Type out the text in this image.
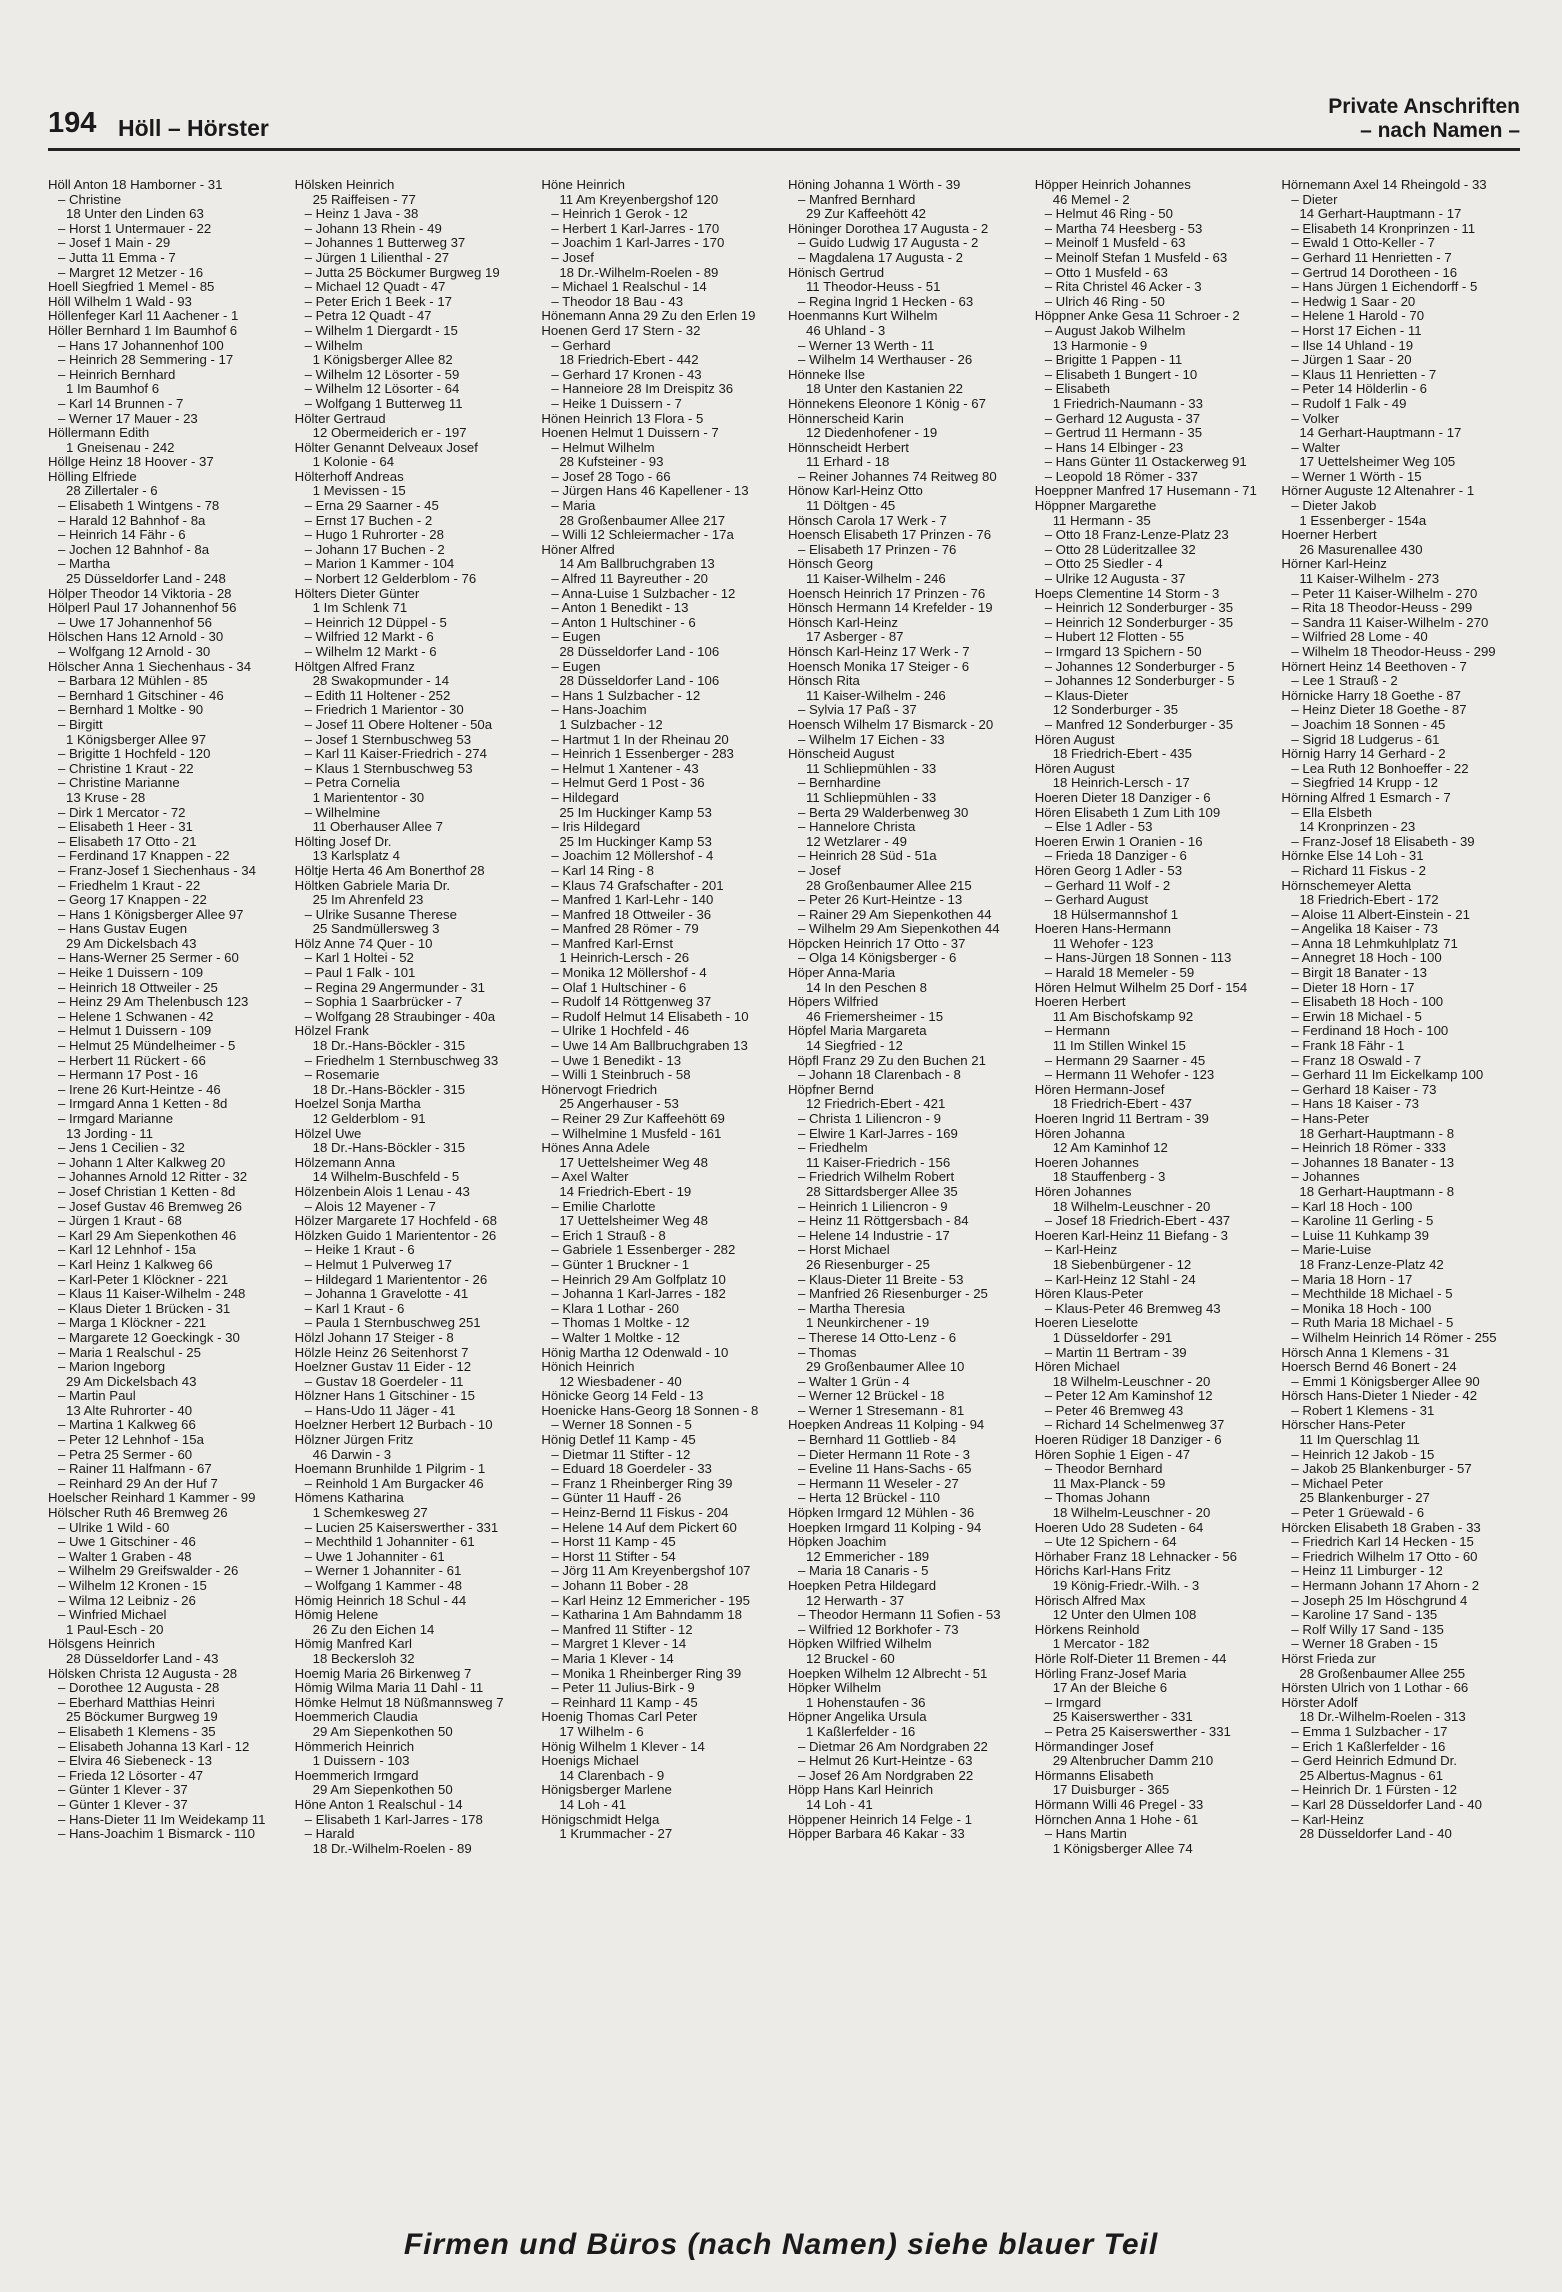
194 Höll – Hörster
Private Anschriften
– nach Namen –
Höll Anton 18 Hamborner - 31
– Christine
18 Unter den Linden 63
– Horst 1 Untermauer - 22
– Josef 1 Main - 29
– Jutta 11 Emma - 7
– Margret 12 Metzer - 16
Hoell Siegfried 1 Memel - 85
Höll Wilhelm 1 Wald - 93
Höllenfeger Karl 11 Aachener - 1
Höller Bernhard 1 Im Baumhof 6
– Hans 17 Johannenhof 100
– Heinrich 28 Semmering - 17
– Heinrich Bernhard
1 Im Baumhof 6
– Karl 14 Brunnen - 7
– Werner 17 Mauer - 23
Höllermann Edith
1 Gneisenau - 242
Höllge Heinz 18 Hoover - 37
Hölling Elfriede
28 Zillertaler - 6
– Elisabeth 1 Wintgens - 78
– Harald 12 Bahnhof - 8a
– Heinrich 14 Fähr - 6
– Jochen 12 Bahnhof - 8a
– Martha
25 Düsseldorfer Land - 248
Hölper Theodor 14 Viktoria - 28
Hölperl Paul 17 Johannenhof 56
– Uwe 17 Johannenhof 56
Hölschen Hans 12 Arnold - 30
– Wolfgang 12 Arnold - 30
Hölscher Anna 1 Siechenhaus - 34
– Barbara 12 Mühlen - 85
– Bernhard 1 Gitschiner - 46
– Bernhard 1 Moltke - 90
– Birgitt
1 Königsberger Allee 97
– Brigitte 1 Hochfeld - 120
– Christine 1 Kraut - 22
– Christine Marianne
13 Kruse - 28
– Dirk 1 Mercator - 72
– Elisabeth 1 Heer - 31
– Elisabeth 17 Otto - 21
– Ferdinand 17 Knappen - 22
– Franz-Josef 1 Siechenhaus - 34
– Friedhelm 1 Kraut - 22
– Georg 17 Knappen - 22
– Hans 1 Königsberger Allee 97
– Hans Gustav Eugen
29 Am Dickelsbach 43
– Hans-Werner 25 Sermer - 60
– Heike 1 Duissern - 109
– Heinrich 18 Ottweiler - 25
– Heinz 29 Am Thelenbusch 123
– Helene 1 Schwanen - 42
– Helmut 1 Duissern - 109
– Helmut 25 Mündelheimer - 5
– Herbert 11 Rückert - 66
– Hermann 17 Post - 16
– Irene 26 Kurt-Heintze - 46
– Irmgard Anna 1 Ketten - 8d
– Irmgard Marianne
13 Jording - 11
– Jens 1 Cecilien - 32
– Johann 1 Alter Kalkweg 20
– Johannes Arnold 12 Ritter - 32
– Josef Christian 1 Ketten - 8d
– Josef Gustav 46 Bremweg 26
– Jürgen 1 Kraut - 68
– Karl 29 Am Siepenkothen 46
– Karl 12 Lehnhof - 15a
– Karl Heinz 1 Kalkweg 66
– Karl-Peter 1 Klöckner - 221
– Klaus 11 Kaiser-Wilhelm - 248
– Klaus Dieter 1 Brücken - 31
– Marga 1 Klöckner - 221
– Margarete 12 Goeckingk - 30
– Maria 1 Realschul - 25
– Marion Ingeborg
29 Am Dickelsbach 43
– Martin Paul
13 Alte Ruhrorter - 40
– Martina 1 Kalkweg 66
– Peter 12 Lehnhof - 15a
– Petra 25 Sermer - 60
– Rainer 11 Halfmann - 67
– Reinhard 29 An der Huf 7
Hoelscher Reinhard 1 Kammer - 99
Hölscher Ruth 46 Bremweg 26
– Ulrike 1 Wild - 60
– Uwe 1 Gitschiner - 46
– Walter 1 Graben - 48
– Wilhelm 29 Greifswalder - 26
– Wilhelm 12 Kronen - 15
– Wilma 12 Leibniz - 26
– Winfried Michael
1 Paul-Esch - 20
Hölsgens Heinrich
28 Düsseldorfer Land - 43
Hölsken Christa 12 Augusta - 28
– Dorothee 12 Augusta - 28
– Eberhard Matthias Heinri
25 Böckumer Burgweg 19
– Elisabeth 1 Klemens - 35
– Elisabeth Johanna 13 Karl - 12
– Elvira 46 Siebeneck - 13
– Frieda 12 Lösorter - 47
– Günter 1 Klever - 37
– Günter 1 Klever - 37
– Hans-Dieter 11 Im Weidekamp 11
– Hans-Joachim 1 Bismarck - 110
Hölsken Heinrich
25 Raiffeisen - 77
– Heinz 1 Java - 38
– Johann 13 Rhein - 49
– Johannes 1 Butterweg 37
– Jürgen 1 Lilienthal - 27
– Jutta 25 Böckumer Burgweg 19
– Michael 12 Quadt - 47
– Peter Erich 1 Beek - 17
– Petra 12 Quadt - 47
– Wilhelm 1 Diergardt - 15
– Wilhelm
1 Königsberger Allee 82
– Wilhelm 12 Lösorter - 59
– Wilhelm 12 Lösorter - 64
– Wolfgang 1 Butterweg 11
Hölter Gertraud
12 Obermeiderich er - 197
Hölter Genannt Delveaux Josef
1 Kolonie - 64
Hölterhoff Andreas
1 Mevissen - 15
– Erna 29 Saarner - 45
– Ernst 17 Buchen - 2
– Hugo 1 Ruhrorter - 28
– Johann 17 Buchen - 2
– Marion 1 Kammer - 104
– Norbert 12 Gelderblom - 76
Hölters Dieter Günter
1 Im Schlenk 71
– Heinrich 12 Düppel - 5
– Wilfried 12 Markt - 6
– Wilhelm 12 Markt - 6
Höltgen Alfred Franz
28 Swakopmunder - 14
– Edith 11 Holtener - 252
– Friedrich 1 Marientor - 30
– Josef 11 Obere Holtener - 50a
– Josef 1 Sternbuschweg 53
– Karl 11 Kaiser-Friedrich - 274
– Klaus 1 Sternbuschweg 53
– Petra Cornelia
1 Mariententor - 30
– Wilhelmine
11 Oberhauser Allee 7
Hölting Josef Dr.
13 Karlsplatz 4
Höltje Herta 46 Am Bonerthof 28
Höltken Gabriele Maria Dr.
25 Im Ahrenfeld 23
– Ulrike Susanne Therese
25 Sandmüllersweg 3
Hölz Anne 74 Quer - 10
– Karl 1 Holtei - 52
– Paul 1 Falk - 101
– Regina 29 Angermunder - 31
– Sophia 1 Saarbrücker - 7
– Wolfgang 28 Straubinger - 40a
Hölzel Frank
18 Dr.-Hans-Böckler - 315
– Friedhelm 1 Sternbuschweg 33
– Rosemarie
18 Dr.-Hans-Böckler - 315
Hoelzel Sonja Martha
12 Gelderblom - 91
Hölzel Uwe
18 Dr.-Hans-Böckler - 315
Hölzemann Anna
14 Wilhelm-Buschfeld - 5
Hölzenbein Alois 1 Lenau - 43
– Alois 12 Mayener - 7
Hölzer Margarete 17 Hochfeld - 68
Hölzken Guido 1 Mariententor - 26
– Heike 1 Kraut - 6
– Helmut 1 Pulverweg 17
– Hildegard 1 Mariententor - 26
– Johanna 1 Gravelotte - 41
– Karl 1 Kraut - 6
– Paula 1 Sternbuschweg 251
Hölzl Johann 17 Steiger - 8
Hölzle Heinz 26 Seitenhorst 7
Hoelzner Gustav 11 Eider - 12
– Gustav 18 Goerdeler - 11
Hölzner Hans 1 Gitschiner - 15
– Hans-Udo 11 Jäger - 41
Hoelzner Herbert 12 Burbach - 10
Hölzner Jürgen Fritz
46 Darwin - 3
Hoemann Brunhilde 1 Pilgrim - 1
– Reinhold 1 Am Burgacker 46
Hömens Katharina
1 Schemkesweg 27
– Lucien 25 Kaiserswerther - 331
– Mechthild 1 Johanniter - 61
– Uwe 1 Johanniter - 61
– Werner 1 Johanniter - 61
– Wolfgang 1 Kammer - 48
Hömig Heinrich 18 Schul - 44
Hömig Helene
26 Zu den Eichen 14
Hömig Manfred Karl
18 Beckersloh 32
Hoemig Maria 26 Birkenweg 7
Hömig Wilma Maria 11 Dahl - 11
Hömke Helmut 18 Nüßmannsweg 7
Hoemmerich Claudia
29 Am Siepenkothen 50
Hömmerich Heinrich
1 Duissern - 103
Hoemmerich Irmgard
29 Am Siepenkothen 50
Höne Anton 1 Realschul - 14
– Elisabeth 1 Karl-Jarres - 178
– Harald
18 Dr.-Wilhelm-Roelen - 89
Höne Heinrich
11 Am Kreyenbergshof 120
– Heinrich 1 Gerok - 12
– Herbert 1 Karl-Jarres - 170
– Joachim 1 Karl-Jarres - 170
– Josef
18 Dr.-Wilhelm-Roelen - 89
– Michael 1 Realschul - 14
– Theodor 18 Bau - 43
Hönemann Anna 29 Zu den Erlen 19
Hoenen Gerd 17 Stern - 32
– Gerhard
18 Friedrich-Ebert - 442
– Gerhard 17 Kronen - 43
– Hanneiore 28 Im Dreispitz 36
– Heike 1 Duissern - 7
Hönen Heinrich 13 Flora - 5
Hoenen Helmut 1 Duissern - 7
– Helmut Wilhelm
28 Kufsteiner - 93
– Josef 28 Togo - 66
– Jürgen Hans 46 Kapellener - 13
– Maria
28 Großenbaumer Allee 217
– Willi 12 Schleiermacher - 17a
Höner Alfred
14 Am Ballbruchgraben 13
– Alfred 11 Bayreuther - 20
– Anna-Luise 1 Sulzbacher - 12
– Anton 1 Benedikt - 13
– Anton 1 Hultschiner - 6
– Eugen
28 Düsseldorfer Land - 106
– Eugen
28 Düsseldorfer Land - 106
– Hans 1 Sulzbacher - 12
– Hans-Joachim
1 Sulzbacher - 12
– Hartmut 1 In der Rheinau 20
– Heinrich 1 Essenberger - 283
– Helmut 1 Xantener - 43
– Helmut Gerd 1 Post - 36
– Hildegard
25 Im Huckinger Kamp 53
– Iris Hildegard
25 Im Huckinger Kamp 53
– Joachim 12 Möllershof - 4
– Karl 14 Ring - 8
– Klaus 74 Grafschafter - 201
– Manfred 1 Karl-Lehr - 140
– Manfred 18 Ottweiler - 36
– Manfred 28 Römer - 79
– Manfred Karl-Ernst
1 Heinrich-Lersch - 26
– Monika 12 Möllershof - 4
– Olaf 1 Hultschiner - 6
– Rudolf 14 Röttgenweg 37
– Rudolf Helmut 14 Elisabeth - 10
– Ulrike 1 Hochfeld - 46
– Uwe 14 Am Ballbruchgraben 13
– Uwe 1 Benedikt - 13
– Willi 1 Steinbruch - 58
Hönervogt Friedrich
25 Angerhauser - 53
– Reiner 29 Zur Kaffeehött 69
– Wilhelmine 1 Musfeld - 161
Hönes Anna Adele
17 Uettelsheimer Weg 48
– Axel Walter
14 Friedrich-Ebert - 19
– Emilie Charlotte
17 Uettelsheimer Weg 48
– Erich 1 Strauß - 8
– Gabriele 1 Essenberger - 282
– Günter 1 Bruckner - 1
– Heinrich 29 Am Golfplatz 10
– Johanna 1 Karl-Jarres - 182
– Klara 1 Lothar - 260
– Thomas 1 Moltke - 12
– Walter 1 Moltke - 12
Hönig Martha 12 Odenwald - 10
Hönich Heinrich
12 Wiesbadener - 40
Hönicke Georg 14 Feld - 13
Hoenicke Hans-Georg 18 Sonnen - 8
– Werner 18 Sonnen - 5
Hönig Detlef 11 Kamp - 45
– Dietmar 11 Stifter - 12
– Eduard 18 Goerdeler - 33
– Franz 1 Rheinberger Ring 39
– Günter 11 Hauff - 26
– Heinz-Bernd 11 Fiskus - 204
– Helene 14 Auf dem Pickert 60
– Horst 11 Kamp - 45
– Horst 11 Stifter - 54
– Jörg 11 Am Kreyenbergshof 107
– Johann 11 Bober - 28
– Karl Heinz 12 Emmericher - 195
– Katharina 1 Am Bahndamm 18
– Manfred 11 Stifter - 12
– Margret 1 Klever - 14
– Maria 1 Klever - 14
– Monika 1 Rheinberger Ring 39
– Peter 11 Julius-Birk - 9
– Reinhard 11 Kamp - 45
Hoenig Thomas Carl Peter
17 Wilhelm - 6
Hönig Wilhelm 1 Klever - 14
Hoenigs Michael
14 Clarenbach - 9
Hönigsberger Marlene
14 Loh - 41
Hönigschmidt Helga
1 Krummacher - 27
Höning Johanna 1 Wörth - 39
– Manfred Bernhard
29 Zur Kaffeehött 42
Höninger Dorothea 17 Augusta - 2
– Guido Ludwig 17 Augusta - 2
– Magdalena 17 Augusta - 2
Hönisch Gertrud
11 Theodor-Heuss - 51
– Regina Ingrid 1 Hecken - 63
Hoenmanns Kurt Wilhelm
46 Uhland - 3
– Werner 13 Werth - 11
– Wilhelm 14 Werthauser - 26
Hönneke Ilse
18 Unter den Kastanien 22
Hönnekens Eleonore 1 König - 67
Hönnerscheid Karin
12 Diedenhofener - 19
Hönnscheidt Herbert
11 Erhard - 18
– Reiner Johannes 74 Reitweg 80
Hönow Karl-Heinz Otto
11 Döltgen - 45
Hönsch Carola 17 Werk - 7
Hoensch Elisabeth 17 Prinzen - 76
– Elisabeth 17 Prinzen - 76
Hönsch Georg
11 Kaiser-Wilhelm - 246
Hoensch Heinrich 17 Prinzen - 76
Hönsch Hermann 14 Krefelder - 19
Hönsch Karl-Heinz
17 Asberger - 87
Hönsch Karl-Heinz 17 Werk - 7
Hoensch Monika 17 Steiger - 6
Hönsch Rita
11 Kaiser-Wilhelm - 246
– Sylvia 17 Paß - 37
Hoensch Wilhelm 17 Bismarck - 20
– Wilhelm 17 Eichen - 33
Hönscheid August
11 Schliepmühlen - 33
– Bernhardine
11 Schliepmühlen - 33
– Berta 29 Walderbenweg 30
– Hannelore Christa
12 Wetzlarer - 49
– Heinrich 28 Süd - 51a
– Josef
28 Großenbaumer Allee 215
– Peter 26 Kurt-Heintze - 13
– Rainer 29 Am Siepenkothen 44
– Wilhelm 29 Am Siepenkothen 44
Höpcken Heinrich 17 Otto - 37
– Olga 14 Königsberger - 6
Höper Anna-Maria
14 In den Peschen 8
Höpers Wilfried
46 Friemersheimer - 15
Höpfel Maria Margareta
14 Siegfried - 12
Höpfl Franz 29 Zu den Buchen 21
– Johann 18 Clarenbach - 8
Höpfner Bernd
12 Friedrich-Ebert - 421
– Christa 1 Liliencron - 9
– Elwire 1 Karl-Jarres - 169
– Friedhelm
11 Kaiser-Friedrich - 156
– Friedrich Wilhelm Robert
28 Sittardsberger Allee 35
– Heinrich 1 Liliencron - 9
– Heinz 11 Röttgersbach - 84
– Helene 14 Industrie - 17
– Horst Michael
26 Riesenburger - 25
– Klaus-Dieter 11 Breite - 53
– Manfried 26 Riesenburger - 25
– Martha Theresia
1 Neunkirchener - 19
– Therese 14 Otto-Lenz - 6
– Thomas
29 Großenbaumer Allee 10
– Walter 1 Grün - 4
– Werner 12 Brückel - 18
– Werner 1 Stresemann - 81
Hoepken Andreas 11 Kolping - 94
– Bernhard 11 Gottlieb - 84
– Dieter Hermann 11 Rote - 3
– Eveline 11 Hans-Sachs - 65
– Hermann 11 Weseler - 27
– Herta 12 Brückel - 110
Höpken Irmgard 12 Mühlen - 36
Hoepken Irmgard 11 Kolping - 94
Höpken Joachim
12 Emmericher - 189
– Maria 18 Canaris - 5
Hoepken Petra Hildegard
12 Herwarth - 37
– Theodor Hermann 11 Sofien - 53
– Wilfried 12 Borkhofer - 73
Höpken Wilfried Wilhelm
12 Bruckel - 60
Hoepken Wilhelm 12 Albrecht - 51
Höpker Wilhelm
1 Hohenstaufen - 36
Höpner Angelika Ursula
1 Kaßlerfelder - 16
– Dietmar 26 Am Nordgraben 22
– Helmut 26 Kurt-Heintze - 63
– Josef 26 Am Nordgraben 22
Höpp Hans Karl Heinrich
14 Loh - 41
Höppener Heinrich 14 Felge - 1
Höpper Barbara 46 Kakar - 33
Höpper Heinrich Johannes
46 Memel - 2
– Helmut 46 Ring - 50
– Martha 74 Heesberg - 53
– Meinolf 1 Musfeld - 63
– Meinolf Stefan 1 Musfeld - 63
– Otto 1 Musfeld - 63
– Rita Christel 46 Acker - 3
– Ulrich 46 Ring - 50
Höppner Anke Gesa 11 Schroer - 2
– August Jakob Wilhelm
13 Harmonie - 9
– Brigitte 1 Pappen - 11
– Elisabeth 1 Bungert - 10
– Elisabeth
1 Friedrich-Naumann - 33
– Gerhard 12 Augusta - 37
– Gertrud 11 Hermann - 35
– Hans 14 Elbinger - 23
– Hans Günter 11 Ostackerweg 91
– Leopold 18 Römer - 337
Hoeppner Manfred 17 Husemann - 71
Höppner Margarethe
11 Hermann - 35
– Otto 18 Franz-Lenze-Platz 23
– Otto 28 Lüderitzallee 32
– Otto 25 Siedler - 4
– Ulrike 12 Augusta - 37
Hoeps Clementine 14 Storm - 3
– Heinrich 12 Sonderburger - 35
– Heinrich 12 Sonderburger - 35
– Hubert 12 Flotten - 55
– Irmgard 13 Spichern - 50
– Johannes 12 Sonderburger - 5
– Johannes 12 Sonderburger - 5
– Klaus-Dieter
12 Sonderburger - 35
– Manfred 12 Sonderburger - 35
Hören August
18 Friedrich-Ebert - 435
Hören August
18 Heinrich-Lersch - 17
Hoeren Dieter 18 Danziger - 6
Hören Elisabeth 1 Zum Lith 109
– Else 1 Adler - 53
Hoeren Erwin 1 Oranien - 16
– Frieda 18 Danziger - 6
Hören Georg 1 Adler - 53
– Gerhard 11 Wolf - 2
– Gerhard August
18 Hülsermannshof 1
Hoeren Hans-Hermann
11 Wehofer - 123
– Hans-Jürgen 18 Sonnen - 113
– Harald 18 Memeler - 59
Hören Helmut Wilhelm 25 Dorf - 154
Hoeren Herbert
11 Am Bischofskamp 92
– Hermann
11 Im Stillen Winkel 15
– Hermann 29 Saarner - 45
– Hermann 11 Wehofer - 123
Hören Hermann-Josef
18 Friedrich-Ebert - 437
Hoeren Ingrid 11 Bertram - 39
Hören Johanna
12 Am Kaminhof 12
Hoeren Johannes
18 Stauffenberg - 3
Hören Johannes
18 Wilhelm-Leuschner - 20
– Josef 18 Friedrich-Ebert - 437
Hoeren Karl-Heinz 11 Biefang - 3
– Karl-Heinz
18 Siebenbürgener - 12
– Karl-Heinz 12 Stahl - 24
Hören Klaus-Peter
– Klaus-Peter 46 Bremweg 43
Hoeren Lieselotte
1 Düsseldorfer - 291
– Martin 11 Bertram - 39
Hören Michael
18 Wilhelm-Leuschner - 20
– Peter 12 Am Kaminshof 12
– Peter 46 Bremweg 43
– Richard 14 Schelmenweg 37
Hoeren Rüdiger 18 Danziger - 6
Hören Sophie 1 Eigen - 47
– Theodor Bernhard
11 Max-Planck - 59
– Thomas Johann
18 Wilhelm-Leuschner - 20
Hoeren Udo 28 Sudeten - 64
– Ute 12 Spichern - 64
Hörhaber Franz 18 Lehnacker - 56
Hörichs Karl-Hans Fritz
19 König-Friedr.-Wilh. - 3
Hörisch Alfred Max
12 Unter den Ulmen 108
Hörkens Reinhold
1 Mercator - 182
Hörle Rolf-Dieter 11 Bremen - 44
Hörling Franz-Josef Maria
17 An der Bleiche 6
– Irmgard
25 Kaiserswerther - 331
– Petra 25 Kaiserswerther - 331
Hörmandinger Josef
29 Altenbrucher Damm 210
Hörmanns Elisabeth
17 Duisburger - 365
Hörmann Willi 46 Pregel - 33
Hörnchen Anna 1 Hohe - 61
– Hans Martin
1 Königsberger Allee 74
Hörnemann Axel 14 Rheingold - 33
– Dieter
14 Gerhart-Hauptmann - 17
– Elisabeth 14 Kronprinzen - 11
– Ewald 1 Otto-Keller - 7
– Gerhard 11 Henrietten - 7
– Gertrud 14 Dorotheen - 16
– Hans Jürgen 1 Eichendorff - 5
– Hedwig 1 Saar - 20
– Helene 1 Harold - 70
– Horst 17 Eichen - 11
– Ilse 14 Uhland - 19
– Jürgen 1 Saar - 20
– Klaus 11 Henrietten - 7
– Peter 14 Hölderlin - 6
– Rudolf 1 Falk - 49
– Volker
14 Gerhart-Hauptmann - 17
– Walter
17 Uettelsheimer Weg 105
– Werner 1 Wörth - 15
Hörner Auguste 12 Altenahrer - 1
– Dieter Jakob
1 Essenberger - 154a
Hoerner Herbert
26 Masurenallee 430
Hörner Karl-Heinz
11 Kaiser-Wilhelm - 273
– Peter 11 Kaiser-Wilhelm - 270
– Rita 18 Theodor-Heuss - 299
– Sandra 11 Kaiser-Wilhelm - 270
– Wilfried 28 Lome - 40
– Wilhelm 18 Theodor-Heuss - 299
Hörnert Heinz 14 Beethoven - 7
– Lee 1 Strauß - 2
Hörnicke Harry 18 Goethe - 87
– Heinz Dieter 18 Goethe - 87
– Joachim 18 Sonnen - 45
– Sigrid 18 Ludgerus - 61
Hörnig Harry 14 Gerhard - 2
– Lea Ruth 12 Bonhoeffer - 22
– Siegfried 14 Krupp - 12
Hörning Alfred 1 Esmarch - 7
– Ella Elsbeth
14 Kronprinzen - 23
– Franz-Josef 18 Elisabeth - 39
Hörnke Else 14 Loh - 31
– Richard 11 Fiskus - 2
Hörnschemeyer Aletta
18 Friedrich-Ebert - 172
– Aloise 11 Albert-Einstein - 21
– Angelika 18 Kaiser - 73
– Anna 18 Lehmkuhlplatz 71
– Annegret 18 Hoch - 100
– Birgit 18 Banater - 13
– Dieter 18 Horn - 17
– Elisabeth 18 Hoch - 100
– Erwin 18 Michael - 5
– Ferdinand 18 Hoch - 100
– Frank 18 Fähr - 1
– Franz 18 Oswald - 7
– Gerhard 11 Im Eickelkamp 100
– Gerhard 18 Kaiser - 73
– Hans 18 Kaiser - 73
– Hans-Peter
18 Gerhart-Hauptmann - 8
– Heinrich 18 Römer - 333
– Johannes 18 Banater - 13
– Johannes
18 Gerhart-Hauptmann - 8
– Karl 18 Hoch - 100
– Karoline 11 Gerling - 5
– Luise 11 Kuhkamp 39
– Marie-Luise
18 Franz-Lenze-Platz 42
– Maria 18 Horn - 17
– Mechthilde 18 Michael - 5
– Monika 18 Hoch - 100
– Ruth Maria 18 Michael - 5
– Wilhelm Heinrich 14 Römer - 255
Hörsch Anna 1 Klemens - 31
Hoersch Bernd 46 Bonert - 24
– Emmi 1 Königsberger Allee 90
Hörsch Hans-Dieter 1 Nieder - 42
– Robert 1 Klemens - 31
Hörscher Hans-Peter
11 Im Querschlag 11
– Heinrich 12 Jakob - 15
– Jakob 25 Blankenburger - 57
– Michael Peter
25 Blankenburger - 27
– Peter 1 Grüewald - 6
Hörcken Elisabeth 18 Graben - 33
– Friedrich Karl 14 Hecken - 15
– Friedrich Wilhelm 17 Otto - 60
– Heinz 11 Limburger - 12
– Hermann Johann 17 Ahorn - 2
– Joseph 25 Im Höschgrund 4
– Karoline 17 Sand - 135
– Rolf Willy 17 Sand - 135
– Werner 18 Graben - 15
Hörst Frieda zur
28 Großenbaumer Allee 255
Hörsten Ulrich von 1 Lothar - 66
Hörster Adolf
18 Dr.-Wilhelm-Roelen - 313
– Emma 1 Sulzbacher - 17
– Erich 1 Kaßlerfelder - 16
– Gerd Heinrich Edmund Dr.
25 Albertus-Magnus - 61
– Heinrich Dr. 1 Fürsten - 12
– Karl 28 Düsseldorfer Land - 40
– Karl-Heinz
28 Düsseldorfer Land - 40
Firmen und Büros (nach Namen) siehe blauer Teil
